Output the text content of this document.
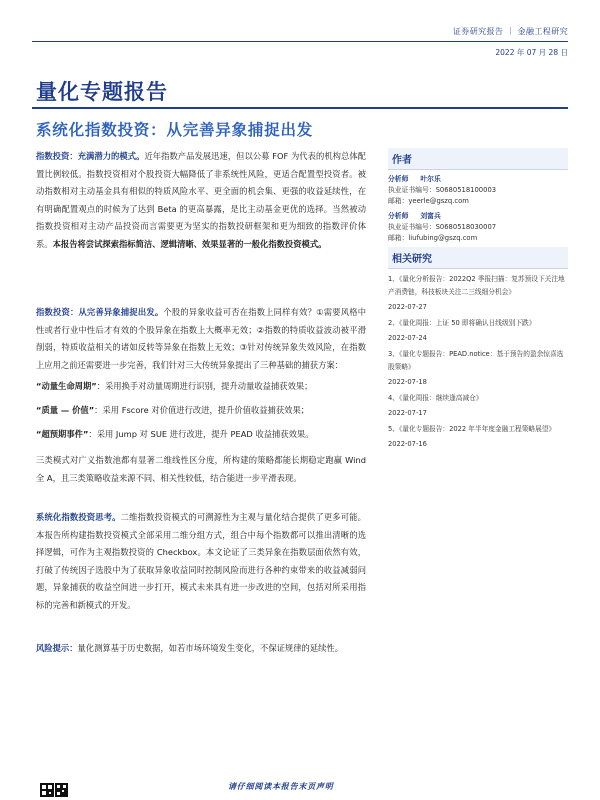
证券研究报告 ｜ 金融工程研究
2022 年 07 月 28 日
量化专题报告
系统化指数投资：从完善异象捕捉出发

指数投资：充满潜力的模式。近年指数产品发展迅速，但以公募 FOF 为代表的机构总体配置比例较低。指数投资相对个股投资大幅降低了非系统性风险，更适合配置型投资者。被动指数相对主动基金具有相似的特质风险水平、更全面的机会集、更强的收益延续性，在有明确配置观点的时候为了达到 Beta 的更高暴露，是比主动基金更优的选择。当然被动指数投资相对主动产品投资而言需要更为坚实的指数投研框架和更为细致的指数评价体系。本报告将尝试探索指标简洁、逻辑清晰、效果显著的一般化指数投资模式。

指数投资：从完善异象捕捉出发。个股的异象收益可否在指数上同样有效？①需要风格中性或者行业中性后才有效的个股异象在指数上大概率无效；②指数的特质收益波动被平滑削弱，特质收益相关的诸如反转等异象在指数上无效；③针对传统异象失效风险，在指数上应用之前还需要进一步完善，我们针对三大传统异象提出了三种基础的捕获方案：
“动量生命周期”：采用换手对动量周期进行识别，提升动量收益捕获效果；
“质量 — 价值”：采用 Fscore 对价值进行改进，提升价值收益捕获效果；
“超预期事件”：采用 Jump 对 SUE 进行改进，提升 PEAD 收益捕获效果。
三类模式对广义指数池都有显著二维线性区分度，所构建的策略都能长期稳定跑赢 Wind 全 A，且三类策略收益来源不同、相关性较低，结合能进一步平滑表现。
系统化指数投资思考。二维指数投资模式的可溯源性为主观与量化结合提供了更多可能。本报告所构建指数投资模式全部采用二维分组方式，组合中每个指数都可以推出清晰的选择逻辑，可作为主观指数投资的 Checkbox。本文论证了三类异象在指数层面依然有效，打破了传统因子选股中为了获取异象收益同时控制风险而进行各种约束带来的收益减弱问题，异象捕获的收益空间进一步打开，模式未来具有进一步改进的空间，包括对所采用指标的完善和新模式的开发。
风险提示：量化测算基于历史数据，如若市场环境发生变化，不保证规律的延续性。
作者
分析师 叶尔乐
执业证书编号：S0680518100003
邮箱：yeerle@gszq.com
分析师 刘富兵
执业证书编号：S0680518030007
邮箱：liufubing@gszq.com
相关研究
1、《量化分析报告：2022Q2 季报扫描：复苏预设下关注地产消费链，科技板块关注二三线细分机会》
2022-07-27
2、《量化周报：上证 50 即将确认日线级别下跌》
2022-07-24
3、《量化专题报告：PEAD.notice：基于预告的盈余惊喜选股策略》
2022-07-18
4、《量化周报：继续逢高减仓》
2022-07-17
5、《量化专题报告：2022 年半年度金融工程策略展望》
2022-07-16
请仔细阅读本报告末页声明
